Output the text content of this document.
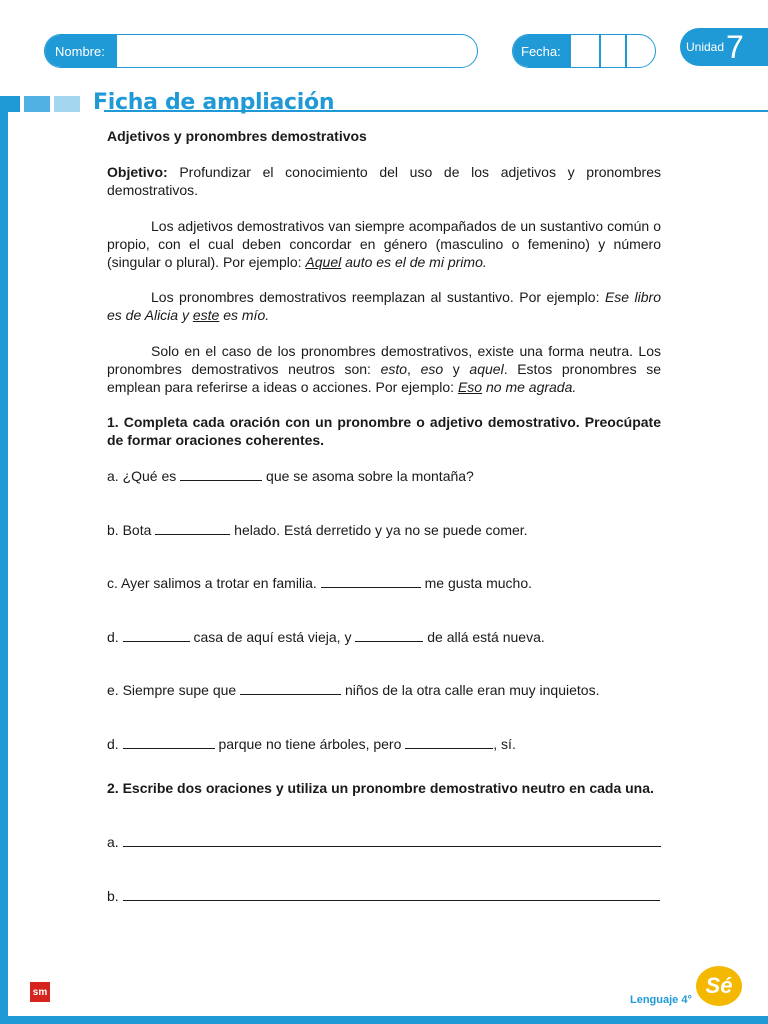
Nombre:	Fecha:	Unidad 7
Ficha de ampliación
Adjetivos y pronombres demostrativos
Objetivo: Profundizar el conocimiento del uso de los adjetivos y pronombres demostrativos.
Los adjetivos demostrativos van siempre acompañados de un sustantivo común o propio, con el cual deben concordar en género (masculino o femenino) y número (singular o plural). Por ejemplo: Aquel auto es el de mi primo.
Los pronombres demostrativos reemplazan al sustantivo. Por ejemplo: Ese libro es de Alicia y este es mío.
Solo en el caso de los pronombres demostrativos, existe una forma neutra. Los pronombres demostrativos neutros son: esto, eso y aquel. Estos pronombres se emplean para referirse a ideas o acciones. Por ejemplo: Eso no me agrada.
1. Completa cada oración con un pronombre o adjetivo demostrativo. Preocúpate de formar oraciones coherentes.
a. ¿Qué es	que se asoma sobre la montaña?
b. Bota	helado. Está derretido y ya no se puede comer.
c. Ayer salimos a trotar en familia.	me gusta mucho.
d.	casa de aquí está vieja, y	de allá está nueva.
e. Siempre supe que	niños de la otra calle eran muy inquietos.
d.	parque no tiene árboles, pero	, sí.
2. Escribe dos oraciones y utiliza un pronombre demostrativo neutro en cada una.
a.
b.
sm
Lenguaje 4°
Sé
